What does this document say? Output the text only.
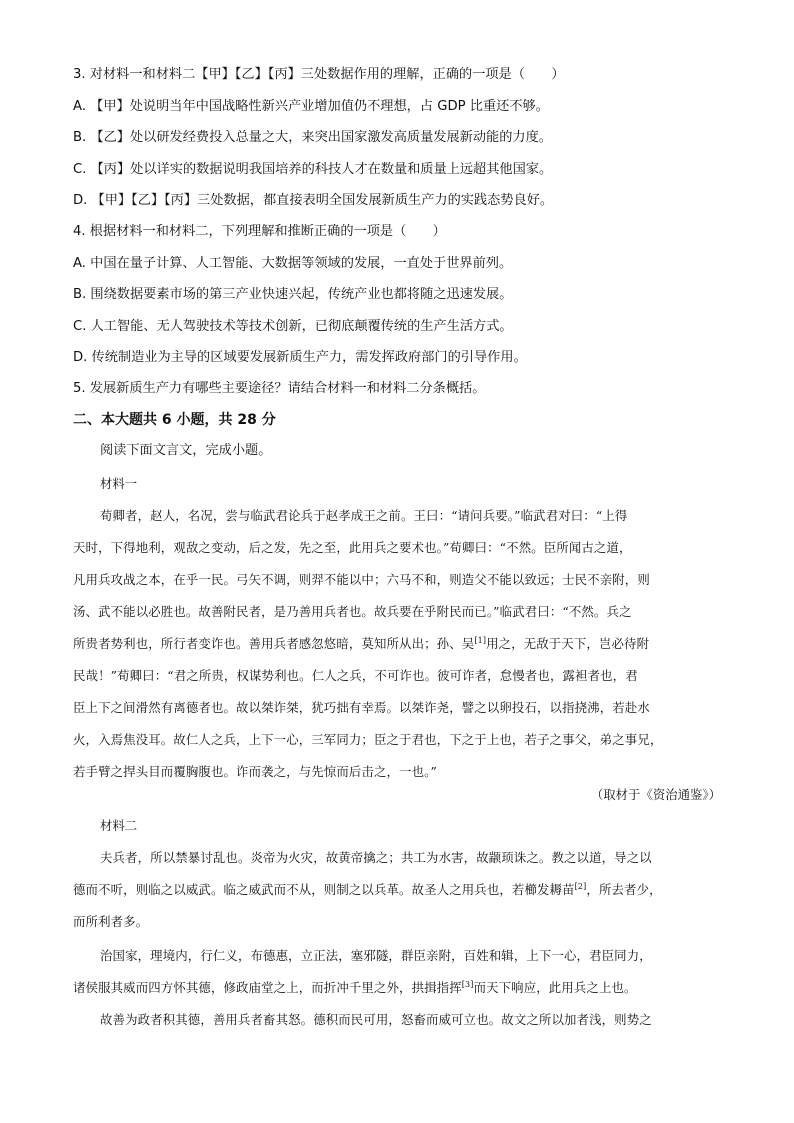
3. 对材料一和材料二【甲】【乙】【丙】三处数据作用的理解，正确的一项是（　　）
A. 【甲】处说明当年中国战略性新兴产业增加值仍不理想，占 GDP 比重还不够。
B. 【乙】处以研发经费投入总量之大，来突出国家激发高质量发展新动能的力度。
C. 【丙】处以详实的数据说明我国培养的科技人才在数量和质量上远超其他国家。
D. 【甲】【乙】【丙】三处数据，都直接表明全国发展新质生产力的实践态势良好。
4. 根据材料一和材料二，下列理解和推断正确的一项是（　　）
A. 中国在量子计算、人工智能、大数据等领域的发展，一直处于世界前列。
B. 围绕数据要素市场的第三产业快速兴起，传统产业也都将随之迅速发展。
C. 人工智能、无人驾驶技术等技术创新，已彻底颠覆传统的生产生活方式。
D. 传统制造业为主导的区域要发展新质生产力，需发挥政府部门的引导作用。
5. 发展新质生产力有哪些主要途径？请结合材料一和材料二分条概括。
二、本大题共 6 小题，共 28 分
阅读下面文言文，完成小题。
材料一
荀卿者，赵人，名况，尝与临武君论兵于赵孝成王之前。王曰：“请问兵要。”临武君对曰：“上得
天时，下得地利，观敌之变动，后之发，先之至，此用兵之要术也。”荀卿曰：“不然。臣所闻古之道，
凡用兵攻战之本，在乎一民。弓矢不调，则羿不能以中；六马不和，则造父不能以致远；士民不亲附，则
汤、武不能以必胜也。故善附民者，是乃善用兵者也。故兵要在乎附民而已。”临武君曰：“不然。兵之
所贵者势利也，所行者变诈也。善用兵者感忽悠暗，莫知所从出；孙、吴[1]用之，无敌于天下，岂必待附
民哉！”荀卿曰：“君之所贵，权谋势利也。仁人之兵，不可诈也。彼可诈者，怠慢者也，露袒者也，君
臣上下之间滑然有离德者也。故以桀诈桀，犹巧拙有幸焉。以桀诈尧，譬之以卵投石，以指挠沸，若赴水
火，入焉焦没耳。故仁人之兵，上下一心，三军同力；臣之于君也，下之于上也，若子之事父，弟之事兄，
若手臂之捍头目而覆胸腹也。诈而袭之，与先惊而后击之，一也。”
（取材于《资治通鉴》）
材料二
夫兵者，所以禁暴讨乱也。炎帝为火灾，故黄帝擒之；共工为水害，故颛顼诛之。教之以道，导之以
德而不听，则临之以威武。临之威武而不从，则制之以兵革。故圣人之用兵也，若櫛发耨苗[2]，所去者少，
而所利者多。
治国家，理境内，行仁义，布德惠，立正法，塞邪隧，群臣亲附，百姓和辑，上下一心，君臣同力，
诸侯服其威而四方怀其德，修政庙堂之上，而折冲千里之外，拱揖指挥[3]而天下响应，此用兵之上也。
故善为政者积其德，善用兵者畜其怒。德积而民可用，怒畜而威可立也。故文之所以加者浅，则势之
